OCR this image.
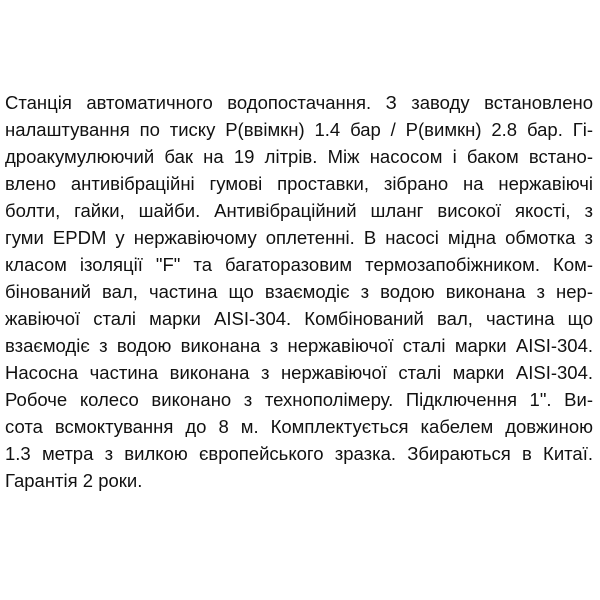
Станція автоматичного водопостачання. З заводу встановлено
налаштування по тиску Р(ввімкн) 1.4 бар / Р(вимкн) 2.8 бар. Гі-
дроакумулюючий бак на 19 літрів. Між насосом і баком встано-
влено антивібраційні гумові проставки, зібрано на нержавіючі
болти, гайки, шайби. Антивібраційний шланг високої якості, з
гуми EPDM у нержавіючому оплетенні. В насосі мідна обмотка з
класом ізоляції "F" та багаторазовим термозапобіжником. Ком-
бінований вал, частина що взаємодіє з водою виконана з нер-
жавіючої сталі марки AISI-304. Комбінований вал, частина що
взаємодіє з водою виконана з нержавіючої сталі марки AISI-304.
Насосна частина виконана з нержавіючої сталі марки AISI-304.
Робоче колесо виконано з технополімеру. Підключення 1". Ви-
сота всмоктування до 8 м. Комплектується кабелем довжиною
1.3 метра з вилкою європейського зразка. Збираються в Китаї.
Гарантія 2 роки.
